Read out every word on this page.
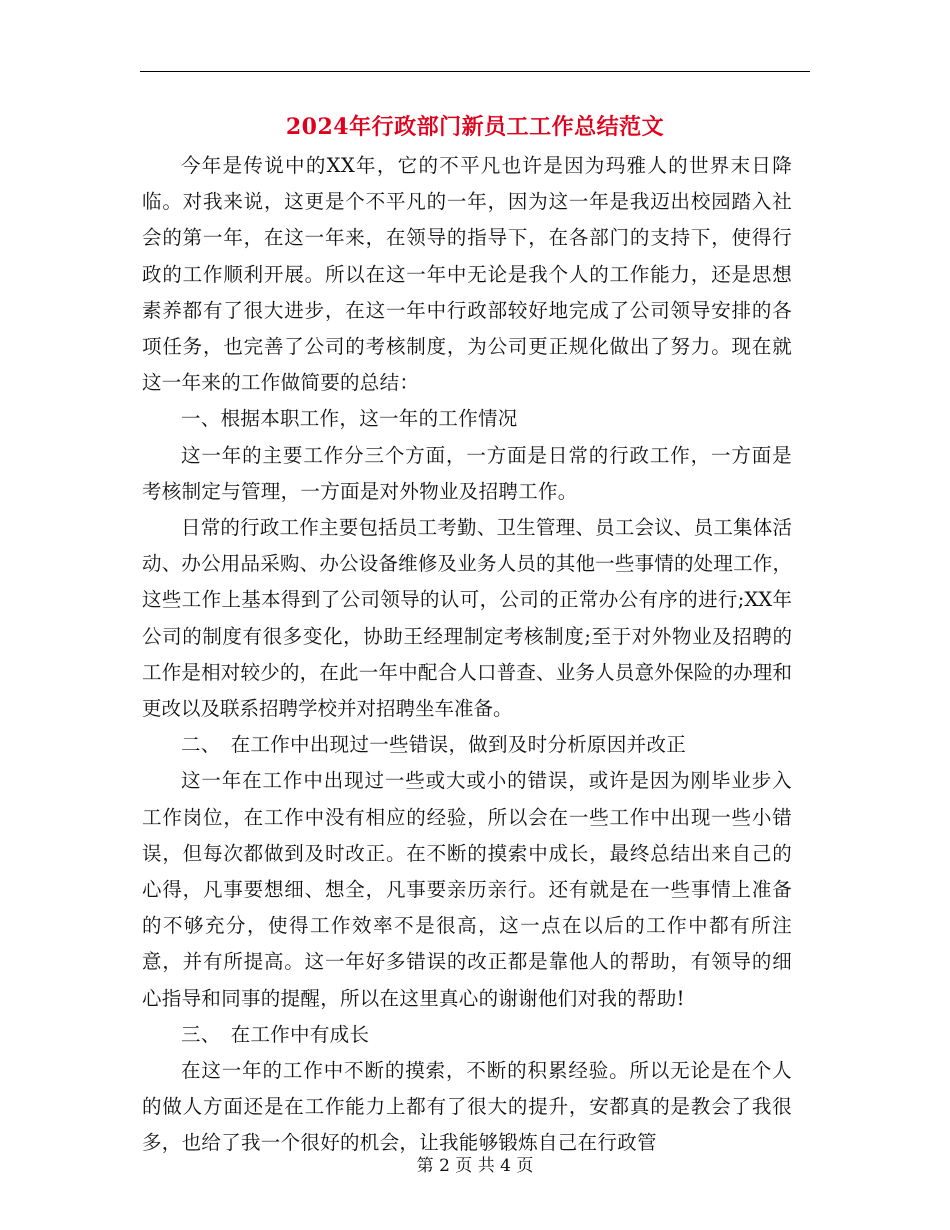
2024年行政部门新员工工作总结范文

今年是传说中的XX年，它的不平凡也许是因为玛雅人的世界末日降临。对我来说，这更是个不平凡的一年，因为这一年是我迈出校园踏入社会的第一年，在这一年来，在领导的指导下，在各部门的支持下，使得行政的工作顺利开展。所以在这一年中无论是我个人的工作能力，还是思想素养都有了很大进步，在这一年中行政部较好地完成了公司领导安排的各项任务，也完善了公司的考核制度，为公司更正规化做出了努力。现在就这一年来的工作做简要的总结：

一、根据本职工作，这一年的工作情况

这一年的主要工作分三个方面，一方面是日常的行政工作，一方面是考核制定与管理，一方面是对外物业及招聘工作。

日常的行政工作主要包括员工考勤、卫生管理、员工会议、员工集体活动、办公用品采购、办公设备维修及业务人员的其他一些事情的处理工作，这些工作上基本得到了公司领导的认可，公司的正常办公有序的进行;XX年公司的制度有很多变化，协助王经理制定考核制度;至于对外物业及招聘的工作是相对较少的，在此一年中配合人口普查、业务人员意外保险的办理和更改以及联系招聘学校并对招聘坐车准备。

二、　在工作中出现过一些错误，做到及时分析原因并改正

这一年在工作中出现过一些或大或小的错误，或许是因为刚毕业步入工作岗位，在工作中没有相应的经验，所以会在一些工作中出现一些小错误，但每次都做到及时改正。在不断的摸索中成长，最终总结出来自己的心得，凡事要想细、想全，凡事要亲历亲行。还有就是在一些事情上准备的不够充分，使得工作效率不是很高，这一点在以后的工作中都有所注意，并有所提高。这一年好多错误的改正都是靠他人的帮助，有领导的细心指导和同事的提醒，所以在这里真心的谢谢他们对我的帮助!

三、　在工作中有成长

在这一年的工作中不断的摸索，不断的积累经验。所以无论是在个人的做人方面还是在工作能力上都有了很大的提升，安都真的是教会了我很多，也给了我一个很好的机会，让我能够锻炼自己在行政管

第 2 页 共 4 页
